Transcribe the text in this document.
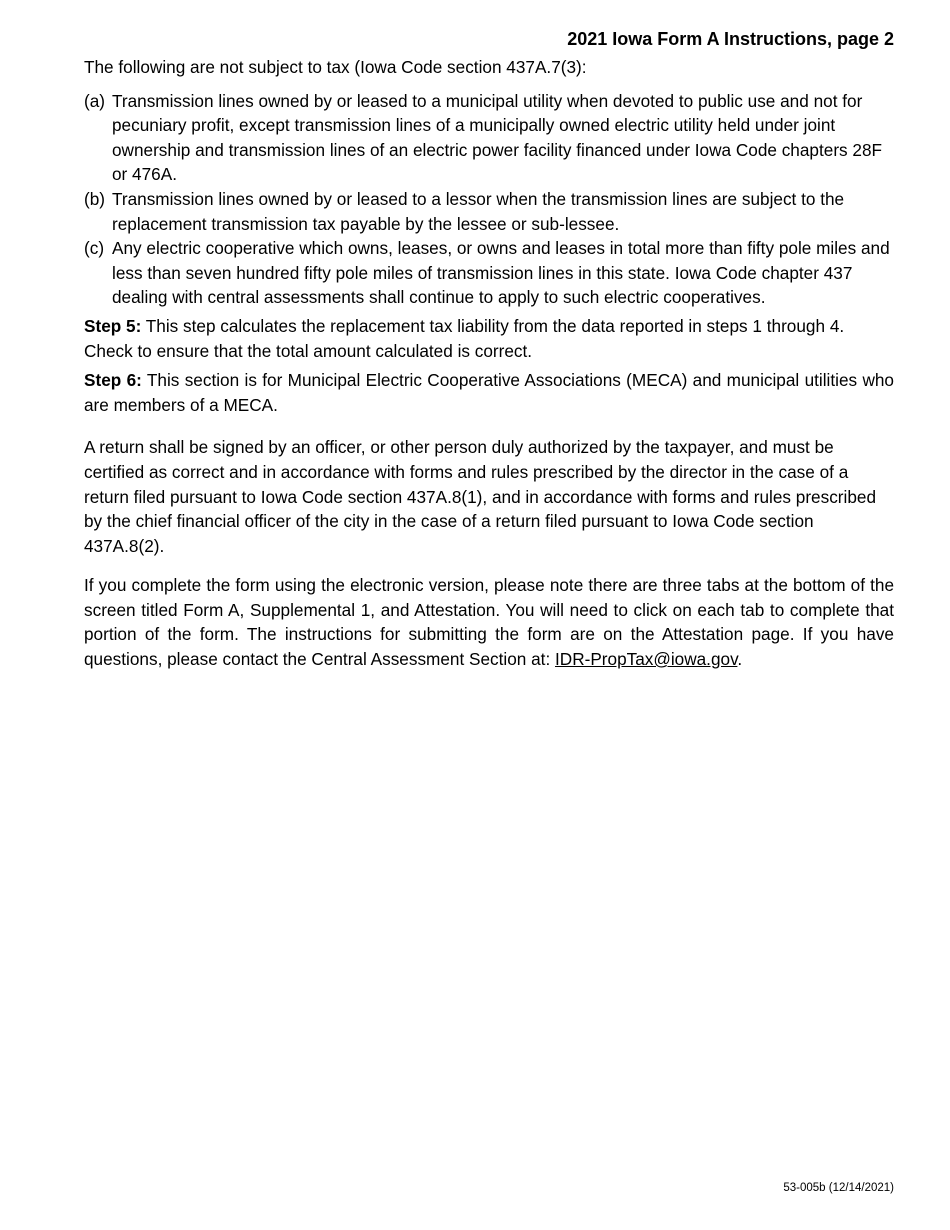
2021 Iowa Form A Instructions, page 2

The following are not subject to tax (Iowa Code section 437A.7(3):

(a) Transmission lines owned by or leased to a municipal utility when devoted to public use and not for pecuniary profit, except transmission lines of a municipally owned electric utility held under joint ownership and transmission lines of an electric power facility financed under Iowa Code chapters 28F or 476A.
(b) Transmission lines owned by or leased to a lessor when the transmission lines are subject to the replacement transmission tax payable by the lessee or sub-lessee.
(c) Any electric cooperative which owns, leases, or owns and leases in total more than fifty pole miles and less than seven hundred fifty pole miles of transmission lines in this state. Iowa Code chapter 437 dealing with central assessments shall continue to apply to such electric cooperatives.

Step 5: This step calculates the replacement tax liability from the data reported in steps 1 through 4. Check to ensure that the total amount calculated is correct.

Step 6: This section is for Municipal Electric Cooperative Associations (MECA) and municipal utilities who are members of a MECA.

A return shall be signed by an officer, or other person duly authorized by the taxpayer, and must be certified as correct and in accordance with forms and rules prescribed by the director in the case of a return filed pursuant to Iowa Code section 437A.8(1), and in accordance with forms and rules prescribed by the chief financial officer of the city in the case of a return filed pursuant to Iowa Code section 437A.8(2).

If you complete the form using the electronic version, please note there are three tabs at the bottom of the screen titled Form A, Supplemental 1, and Attestation. You will need to click on each tab to complete that portion of the form. The instructions for submitting the form are on the Attestation page. If you have questions, please contact the Central Assessment Section at: IDR-PropTax@iowa.gov.

53-005b (12/14/2021)
